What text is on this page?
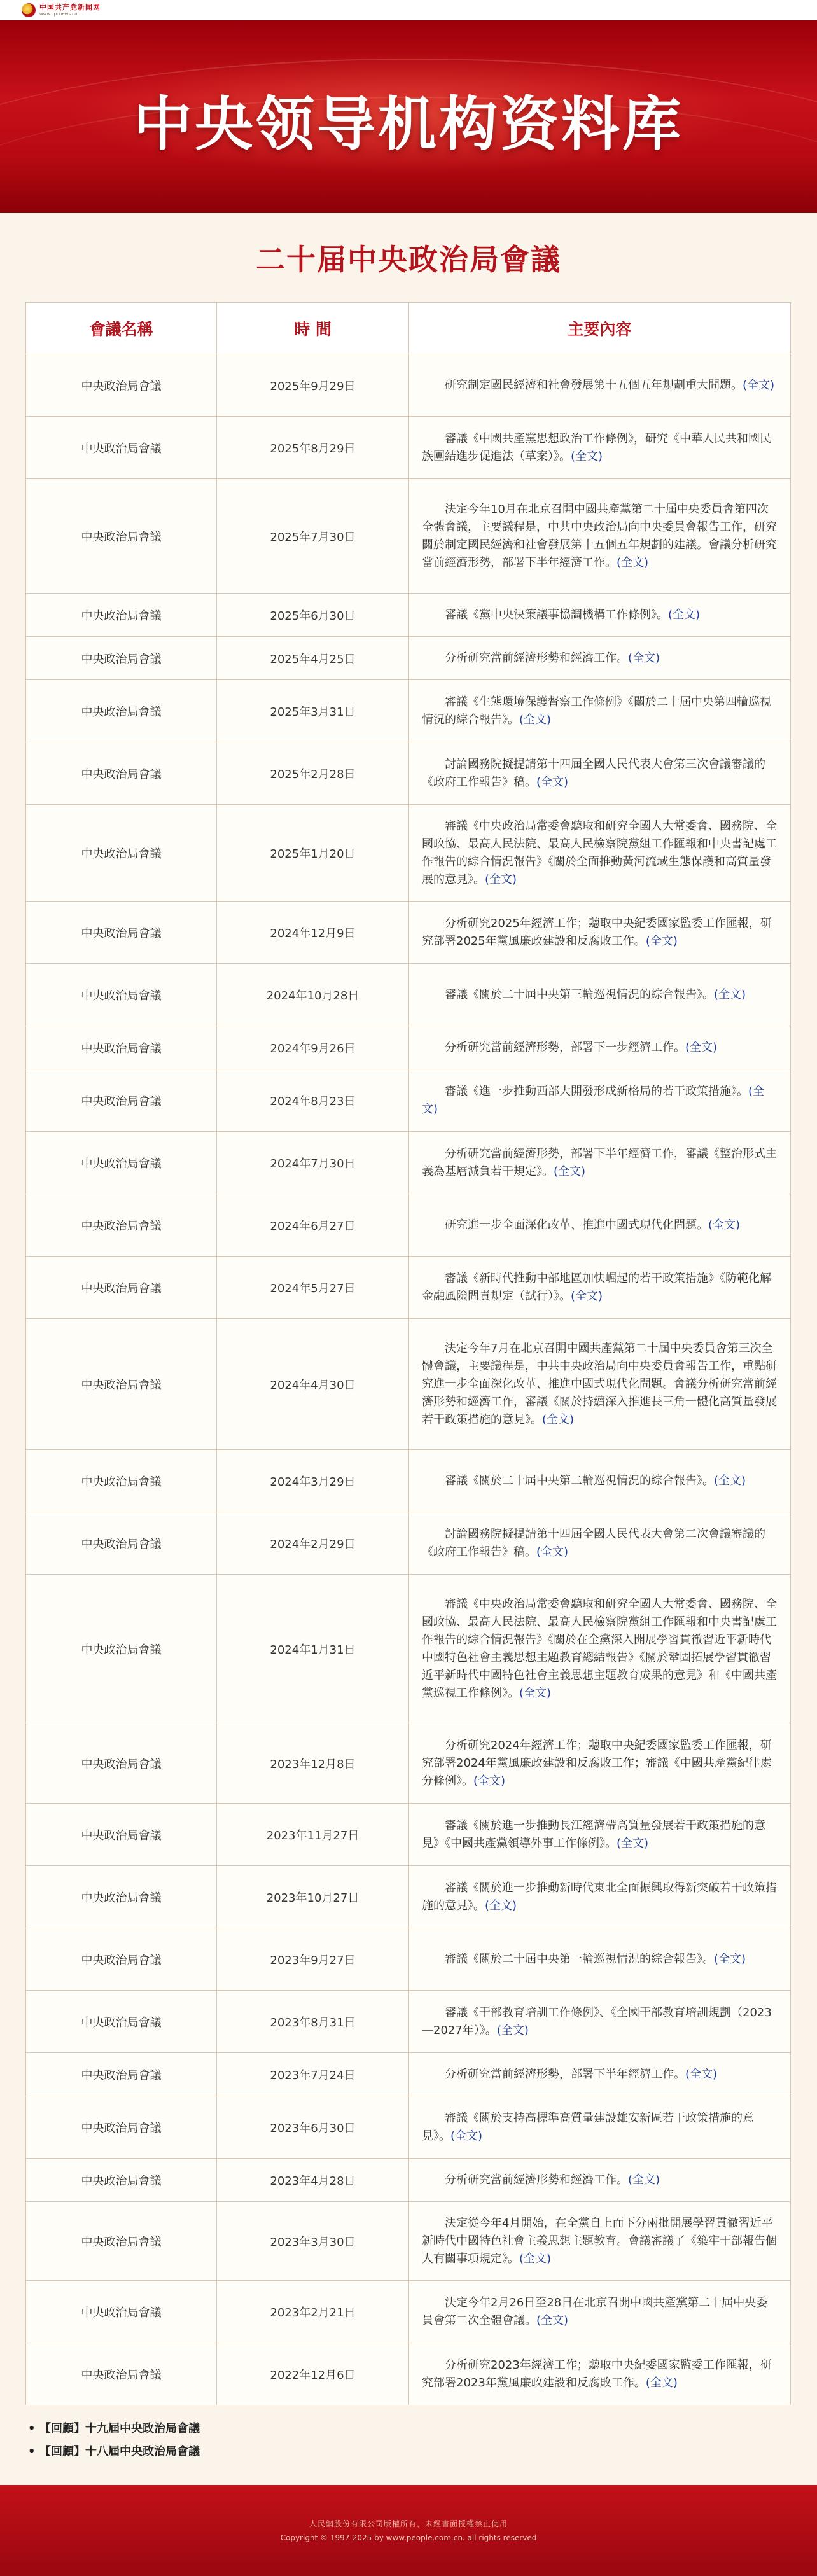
中国共产党新闻网
www.cpcnews.cn
中央领导机构资料库
二十届中央政治局會議
會議名稱	時 間	主要內容
中央政治局會議	2025年9月29日	研究制定國民經濟和社會發展第十五個五年規劃重大問題。(全文)
中央政治局會議	2025年8月29日	審議《中國共產黨思想政治工作條例》，研究《中華人民共和國民族團結進步促進法（草案）》。(全文)
中央政治局會議	2025年7月30日	決定今年10月在北京召開中國共產黨第二十屆中央委員會第四次全體會議，主要議程是，中共中央政治局向中央委員會報告工作，研究關於制定國民經濟和社會發展第十五個五年規劃的建議。會議分析研究當前經濟形勢，部署下半年經濟工作。(全文)
中央政治局會議	2025年6月30日	審議《黨中央決策議事協調機構工作條例》。(全文)
中央政治局會議	2025年4月25日	分析研究當前經濟形勢和經濟工作。(全文)
中央政治局會議	2025年3月31日	審議《生態環境保護督察工作條例》《關於二十屆中央第四輪巡視情況的綜合報告》。(全文)
中央政治局會議	2025年2月28日	討論國務院擬提請第十四屆全國人民代表大會第三次會議審議的《政府工作報告》稿。(全文)
中央政治局會議	2025年1月20日	審議《中央政治局常委會聽取和研究全國人大常委會、國務院、全國政協、最高人民法院、最高人民檢察院黨組工作匯報和中央書記處工作報告的綜合情況報告》《關於全面推動黃河流域生態保護和高質量發展的意見》。(全文)
中央政治局會議	2024年12月9日	分析研究2025年經濟工作；聽取中央紀委國家監委工作匯報，研究部署2025年黨風廉政建設和反腐敗工作。(全文)
中央政治局會議	2024年10月28日	審議《關於二十屆中央第三輪巡視情況的綜合報告》。(全文)
中央政治局會議	2024年9月26日	分析研究當前經濟形勢，部署下一步經濟工作。(全文)
中央政治局會議	2024年8月23日	審議《進一步推動西部大開發形成新格局的若干政策措施》。(全文)
中央政治局會議	2024年7月30日	分析研究當前經濟形勢，部署下半年經濟工作，審議《整治形式主義為基層減負若干規定》。(全文)
中央政治局會議	2024年6月27日	研究進一步全面深化改革、推進中國式現代化問題。(全文)
中央政治局會議	2024年5月27日	審議《新時代推動中部地區加快崛起的若干政策措施》《防範化解金融風險問責規定（試行）》。(全文)
中央政治局會議	2024年4月30日	決定今年7月在北京召開中國共產黨第二十屆中央委員會第三次全體會議，主要議程是，中共中央政治局向中央委員會報告工作，重點研究進一步全面深化改革、推進中國式現代化問題。會議分析研究當前經濟形勢和經濟工作，審議《關於持續深入推進長三角一體化高質量發展若干政策措施的意見》。(全文)
中央政治局會議	2024年3月29日	審議《關於二十屆中央第二輪巡視情況的綜合報告》。(全文)
中央政治局會議	2024年2月29日	討論國務院擬提請第十四屆全國人民代表大會第二次會議審議的《政府工作報告》稿。(全文)
中央政治局會議	2024年1月31日	審議《中央政治局常委會聽取和研究全國人大常委會、國務院、全國政協、最高人民法院、最高人民檢察院黨組工作匯報和中央書記處工作報告的綜合情況報告》《關於在全黨深入開展學習貫徹習近平新時代中國特色社會主義思想主題教育總結報告》《關於鞏固拓展學習貫徹習近平新時代中國特色社會主義思想主題教育成果的意見》和《中國共產黨巡視工作條例》。(全文)
中央政治局會議	2023年12月8日	分析研究2024年經濟工作；聽取中央紀委國家監委工作匯報，研究部署2024年黨風廉政建設和反腐敗工作；審議《中國共產黨紀律處分條例》。(全文)
中央政治局會議	2023年11月27日	審議《關於進一步推動長江經濟帶高質量發展若干政策措施的意見》《中國共產黨領導外事工作條例》。(全文)
中央政治局會議	2023年10月27日	審議《關於進一步推動新時代東北全面振興取得新突破若干政策措施的意見》。(全文)
中央政治局會議	2023年9月27日	審議《關於二十屆中央第一輪巡視情況的綜合報告》。(全文)
中央政治局會議	2023年8月31日	審議《干部教育培訓工作條例》、《全國干部教育培訓規劃（2023—2027年）》。(全文)
中央政治局會議	2023年7月24日	分析研究當前經濟形勢，部署下半年經濟工作。(全文)
中央政治局會議	2023年6月30日	審議《關於支持高標準高質量建設雄安新區若干政策措施的意見》。(全文)
中央政治局會議	2023年4月28日	分析研究當前經濟形勢和經濟工作。(全文)
中央政治局會議	2023年3月30日	決定從今年4月開始，在全黨自上而下分兩批開展學習貫徹習近平新時代中國特色社會主義思想主題教育。會議審議了《築牢干部報告個人有關事項規定》。(全文)
中央政治局會議	2023年2月21日	決定今年2月26日至28日在北京召開中國共產黨第二十屆中央委員會第二次全體會議。(全文)
中央政治局會議	2022年12月6日	分析研究2023年經濟工作；聽取中央紀委國家監委工作匯報，研究部署2023年黨風廉政建設和反腐敗工作。(全文)
• 【回顧】十九屆中央政治局會議
• 【回顧】十八屆中央政治局會議
人民網股份有限公司版權所有，未經書面授權禁止使用
Copyright © 1997-2025 by www.people.com.cn. all rights reserved
